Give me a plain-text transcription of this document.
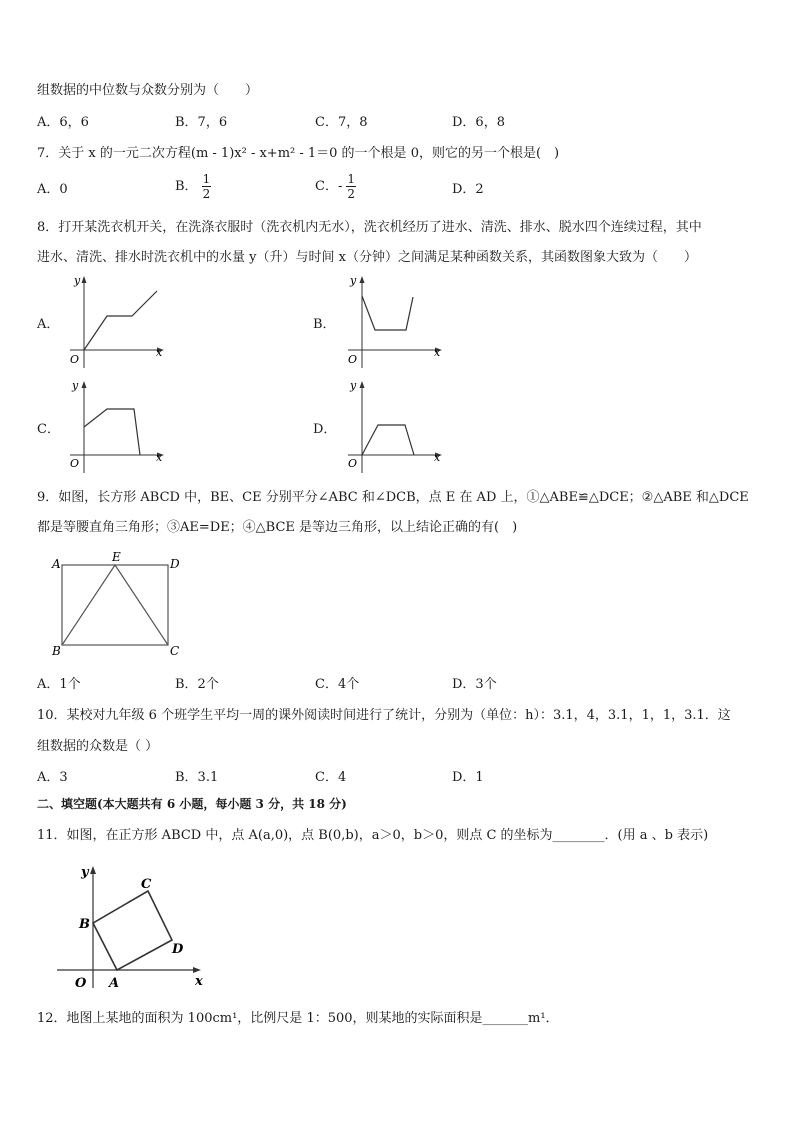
组数据的中位数与众数分别为（　　）
A．6，6	B．7，6	C．7，8	D．6，8
7．关于 x 的一元二次方程(m - 1)x² - x+m² - 1＝0 的一个根是 0，则它的另一个根是(　)
A．0	B． $\frac{1}{2}$	C．- $\frac{1}{2}$	D．2
8．打开某洗衣机开关，在洗涤衣服时（洗衣机内无水），洗衣机经历了进水、清洗、排水、脱水四个连续过程，其中
进水、清洗、排水时洗衣机中的水量 y（升）与时间 x（分钟）之间满足某种函数关系，其函数图象大致为（　　）
A．
y
x
O
B．
y
x
O
C．
y
x
O
D．
y
x
O
9．如图，长方形 ABCD 中，BE、CE 分别平分∠ABC 和∠DCB，点 E 在 AD 上，①△ABE≌△DCE；②△ABE 和△DCE
都是等腰直角三角形；③AE=DE；④△BCE 是等边三角形，以上结论正确的有(　)
A	E	D
B	C
A．1个	B．2个	C．4个	D．3个
10．某校对九年级 6 个班学生平均一周的课外阅读时间进行了统计，分别为（单位：h）：3.1，4，3.1，1，1，3.1．这
组数据的众数是（ ）
A．3	B．3.1	C．4	D．1
二、填空题(本大题共有 6 小题，每小题 3 分，共 18 分)
11．如图，在正方形 ABCD 中，点 A(a,0)，点 B(0,b)，a＞0，b＞0，则点 C 的坐标为________．(用 a 、b 表示)
y
x
O A
B
C
D
12．地图上某地的面积为 100cm¹，比例尺是 1：500，则某地的实际面积是_______m¹．
